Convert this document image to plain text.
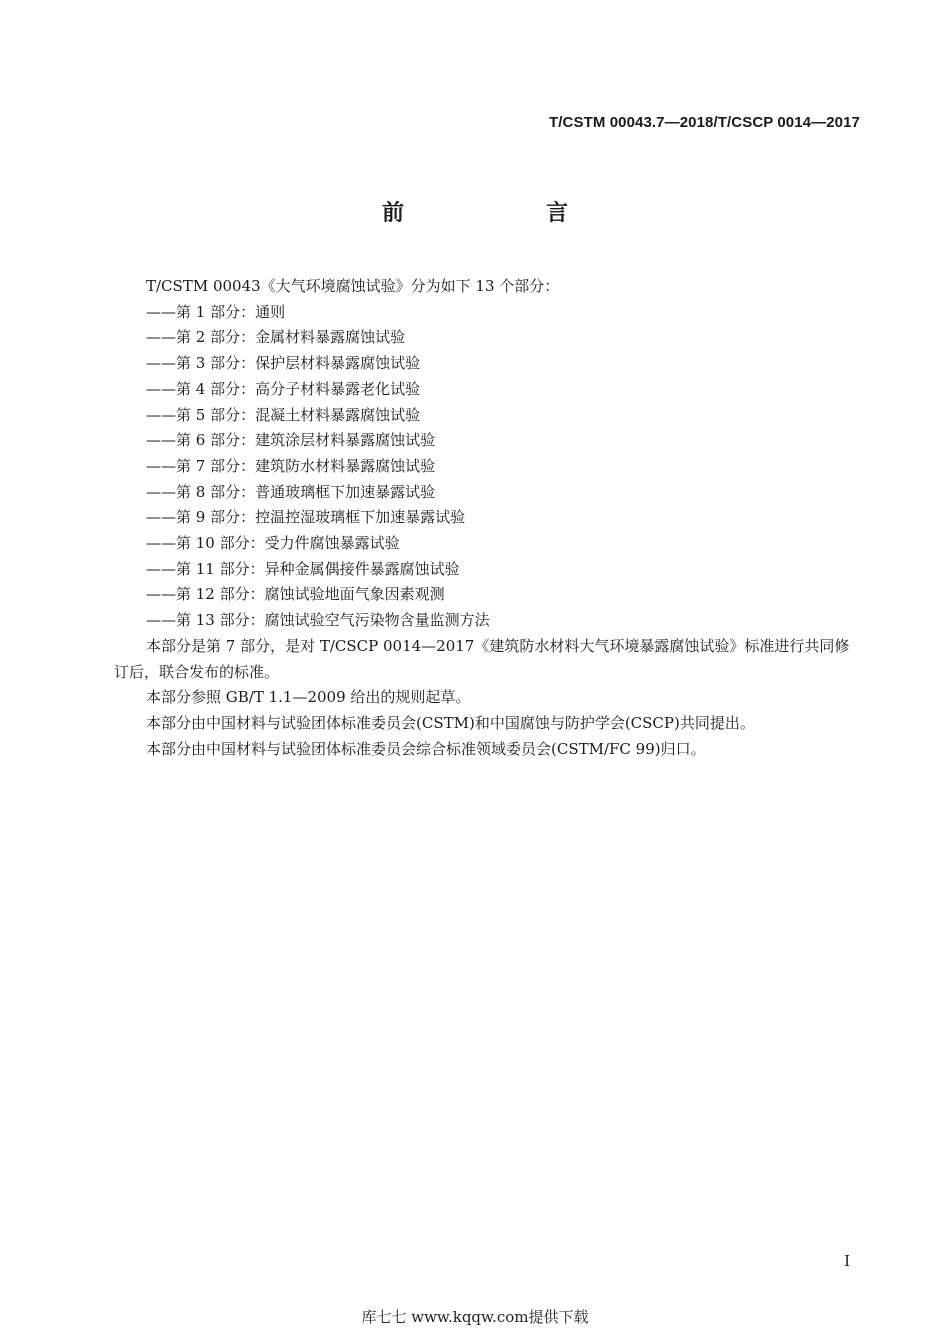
T/CSTM 00043.7—2018/T/CSCP 0014—2017
前　言

T/CSTM 00043《大气环境腐蚀试验》分为如下 13 个部分：

——第 1 部分：通则
——第 2 部分：金属材料暴露腐蚀试验
——第 3 部分：保护层材料暴露腐蚀试验
——第 4 部分：高分子材料暴露老化试验
——第 5 部分：混凝土材料暴露腐蚀试验
——第 6 部分：建筑涂层材料暴露腐蚀试验
——第 7 部分：建筑防水材料暴露腐蚀试验
——第 8 部分：普通玻璃框下加速暴露试验
——第 9 部分：控温控湿玻璃框下加速暴露试验
——第 10 部分：受力件腐蚀暴露试验
——第 11 部分：异种金属偶接件暴露腐蚀试验
——第 12 部分：腐蚀试验地面气象因素观测
——第 13 部分：腐蚀试验空气污染物含量监测方法

本部分是第 7 部分，是对 T/CSCP 0014—2017《建筑防水材料大气环境暴露腐蚀试验》标准进行共同修订后，联合发布的标准。

本部分参照 GB/T 1.1—2009 给出的规则起草。

本部分由中国材料与试验团体标准委员会(CSTM)和中国腐蚀与防护学会(CSCP)共同提出。

本部分由中国材料与试验团体标准委员会综合标准领域委员会(CSTM/FC 99)归口。

I
库七七 www.kqqw.com提供下载
